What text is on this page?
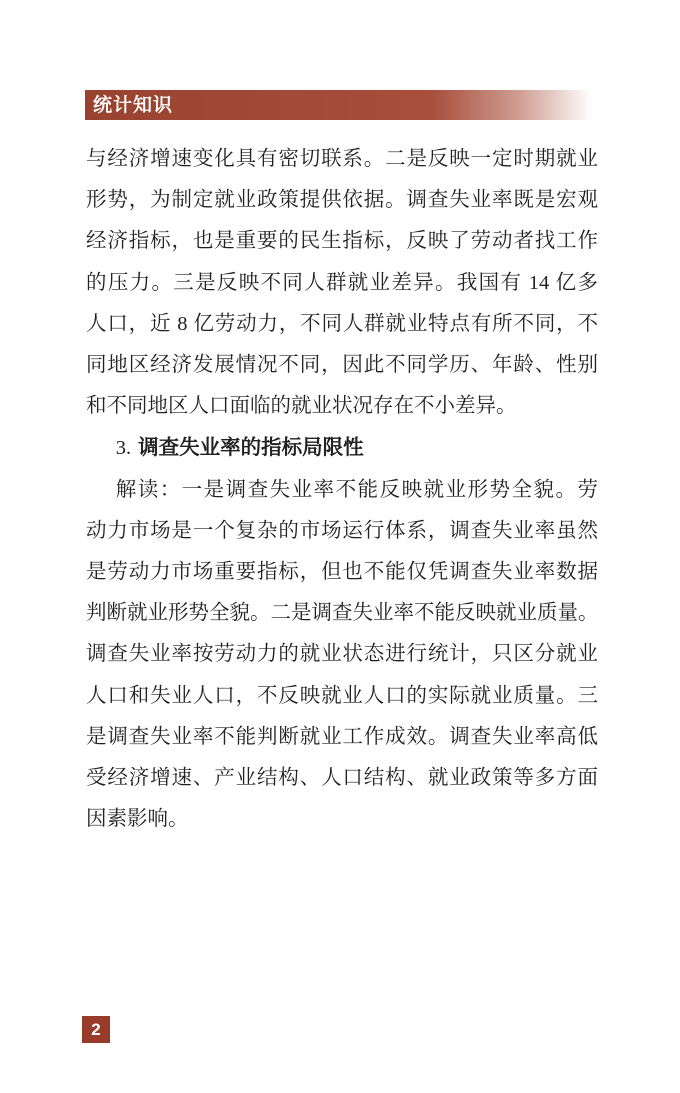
统计知识

与经济增速变化具有密切联系。二是反映一定时期就业

形势，为制定就业政策提供依据。调查失业率既是宏观

经济指标，也是重要的民生指标，反映了劳动者找工作

的压力。三是反映不同人群就业差异。我国有 14 亿多

人口，近 8 亿劳动力，不同人群就业特点有所不同，不

同地区经济发展情况不同，因此不同学历、年龄、性别

和不同地区人口面临的就业状况存在不小差异。

3. 调查失业率的指标局限性

解读：一是调查失业率不能反映就业形势全貌。劳

动力市场是一个复杂的市场运行体系，调查失业率虽然

是劳动力市场重要指标，但也不能仅凭调查失业率数据

判断就业形势全貌。二是调查失业率不能反映就业质量。

调查失业率按劳动力的就业状态进行统计，只区分就业

人口和失业人口，不反映就业人口的实际就业质量。三

是调查失业率不能判断就业工作成效。调查失业率高低

受经济增速、产业结构、人口结构、就业政策等多方面

因素影响。

2
